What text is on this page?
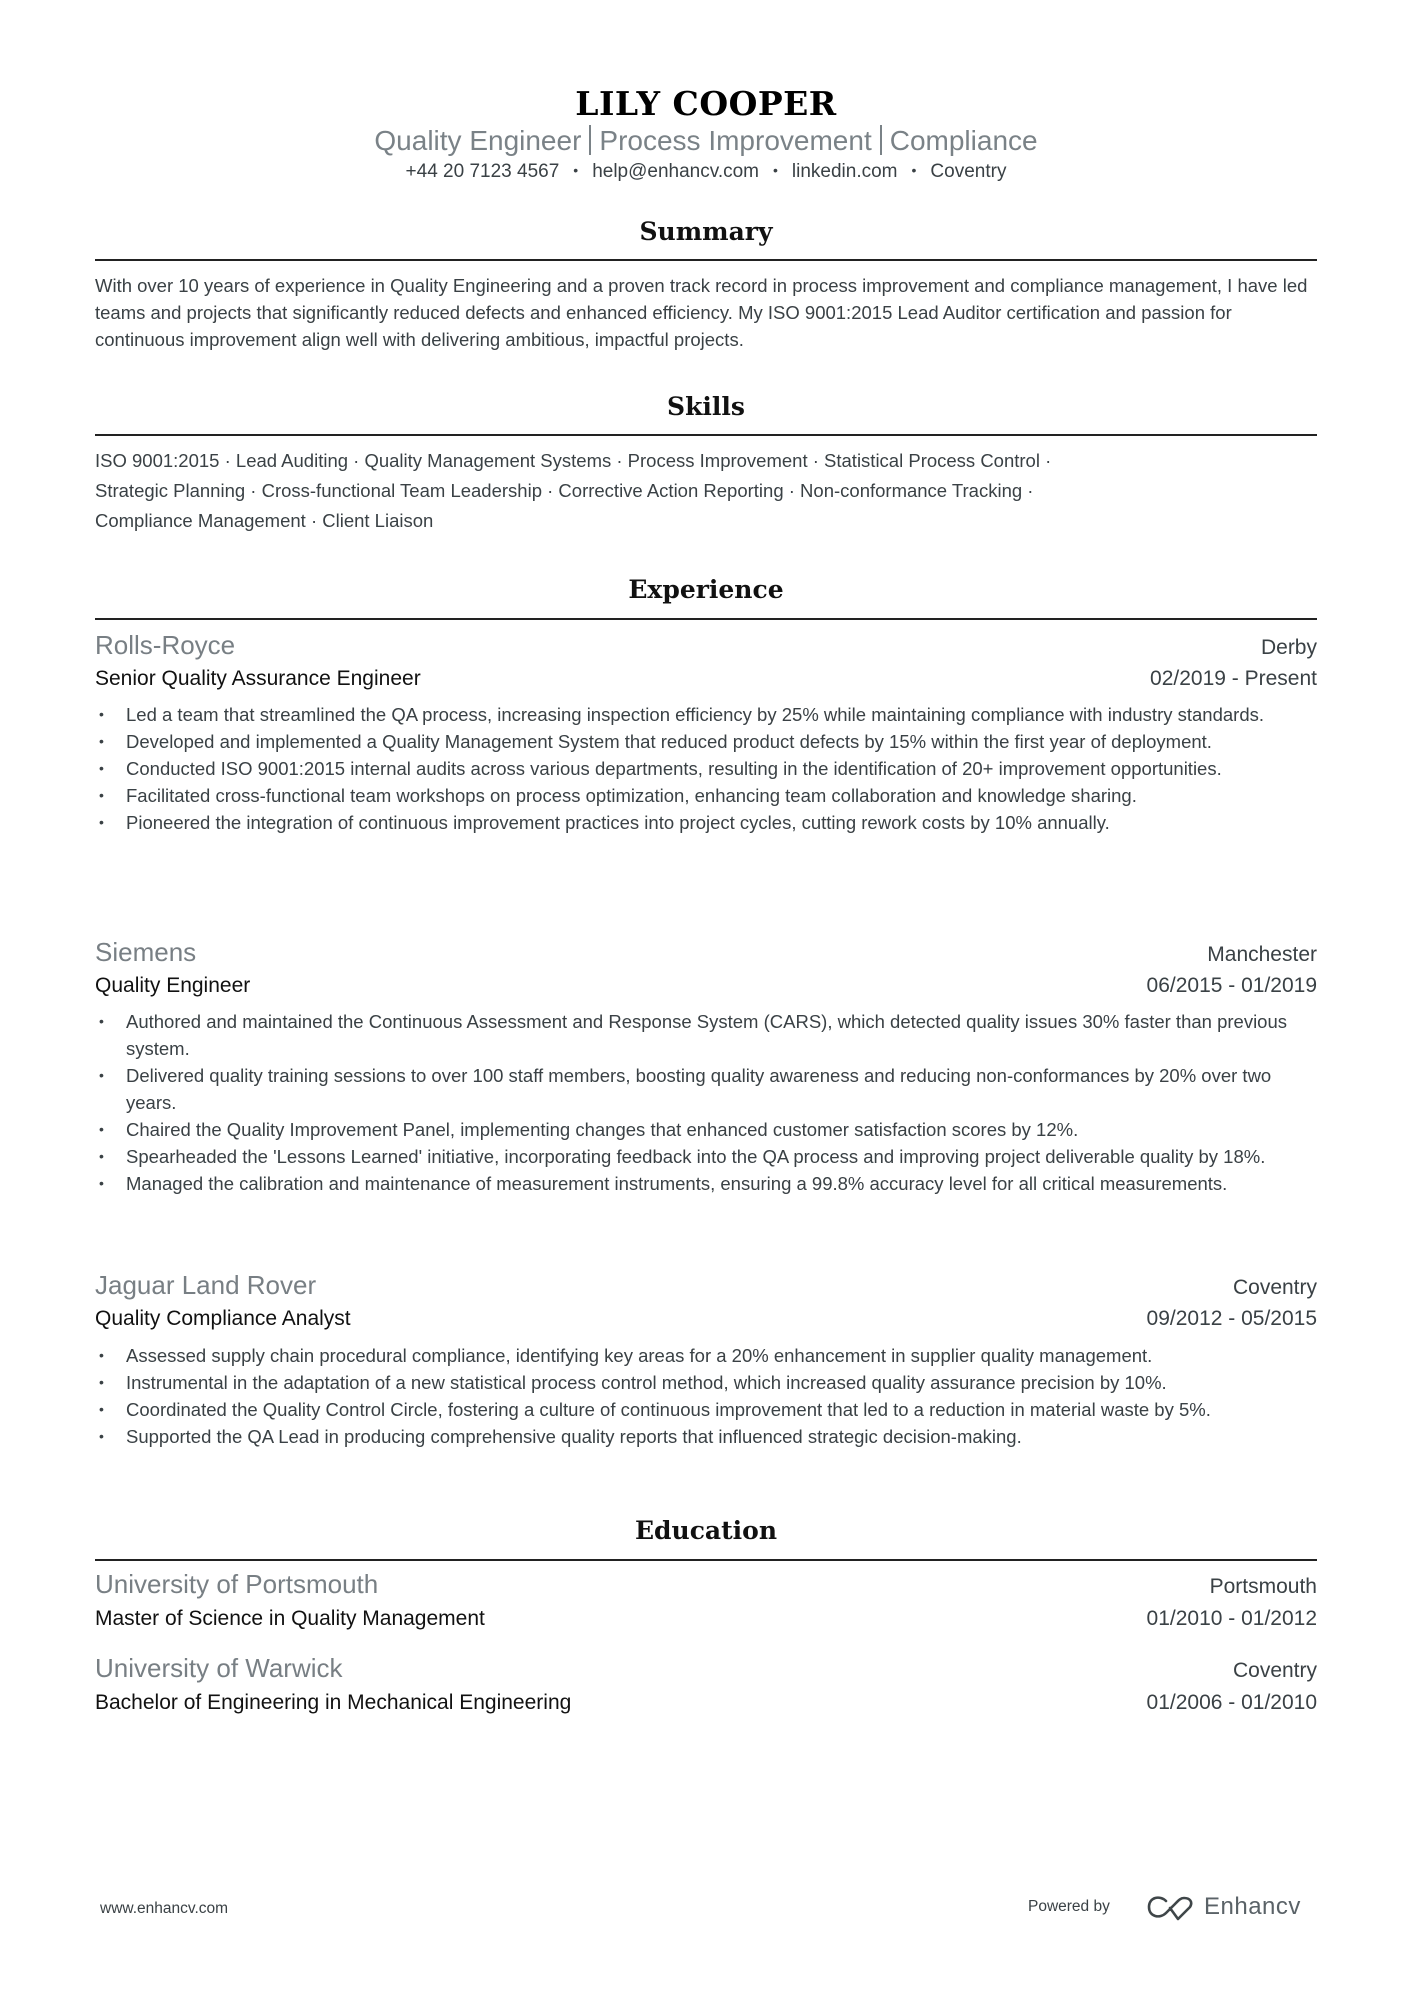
LILY COOPER
Quality Engineer Process Improvement Compliance
+44 20 7123 4567 • help@enhancv.com • linkedin.com • Coventry
Summary
With over 10 years of experience in Quality Engineering and a proven track record in process improvement and compliance management, I have led teams and projects that significantly reduced defects and enhanced efficiency. My ISO 9001:2015 Lead Auditor certification and passion for continuous improvement align well with delivering ambitious, impactful projects.
Skills
ISO 9001:2015 · Lead Auditing · Quality Management Systems · Process Improvement · Statistical Process Control ·
Strategic Planning · Cross-functional Team Leadership · Corrective Action Reporting · Non-conformance Tracking ·
Compliance Management · Client Liaison
Experience
Rolls-Royce	Derby
Senior Quality Assurance Engineer	02/2019 - Present
• Led a team that streamlined the QA process, increasing inspection efficiency by 25% while maintaining compliance with industry standards.
• Developed and implemented a Quality Management System that reduced product defects by 15% within the first year of deployment.
• Conducted ISO 9001:2015 internal audits across various departments, resulting in the identification of 20+ improvement opportunities.
• Facilitated cross-functional team workshops on process optimization, enhancing team collaboration and knowledge sharing.
• Pioneered the integration of continuous improvement practices into project cycles, cutting rework costs by 10% annually.
Siemens	Manchester
Quality Engineer	06/2015 - 01/2019
• Authored and maintained the Continuous Assessment and Response System (CARS), which detected quality issues 30% faster than previous system.
• Delivered quality training sessions to over 100 staff members, boosting quality awareness and reducing non-conformances by 20% over two years.
• Chaired the Quality Improvement Panel, implementing changes that enhanced customer satisfaction scores by 12%.
• Spearheaded the 'Lessons Learned' initiative, incorporating feedback into the QA process and improving project deliverable quality by 18%.
• Managed the calibration and maintenance of measurement instruments, ensuring a 99.8% accuracy level for all critical measurements.
Jaguar Land Rover	Coventry
Quality Compliance Analyst	09/2012 - 05/2015
• Assessed supply chain procedural compliance, identifying key areas for a 20% enhancement in supplier quality management.
• Instrumental in the adaptation of a new statistical process control method, which increased quality assurance precision by 10%.
• Coordinated the Quality Control Circle, fostering a culture of continuous improvement that led to a reduction in material waste by 5%.
• Supported the QA Lead in producing comprehensive quality reports that influenced strategic decision-making.
Education
University of Portsmouth	Portsmouth
Master of Science in Quality Management	01/2010 - 01/2012
University of Warwick	Coventry
Bachelor of Engineering in Mechanical Engineering	01/2006 - 01/2010
www.enhancv.com	Powered by	Enhancv
